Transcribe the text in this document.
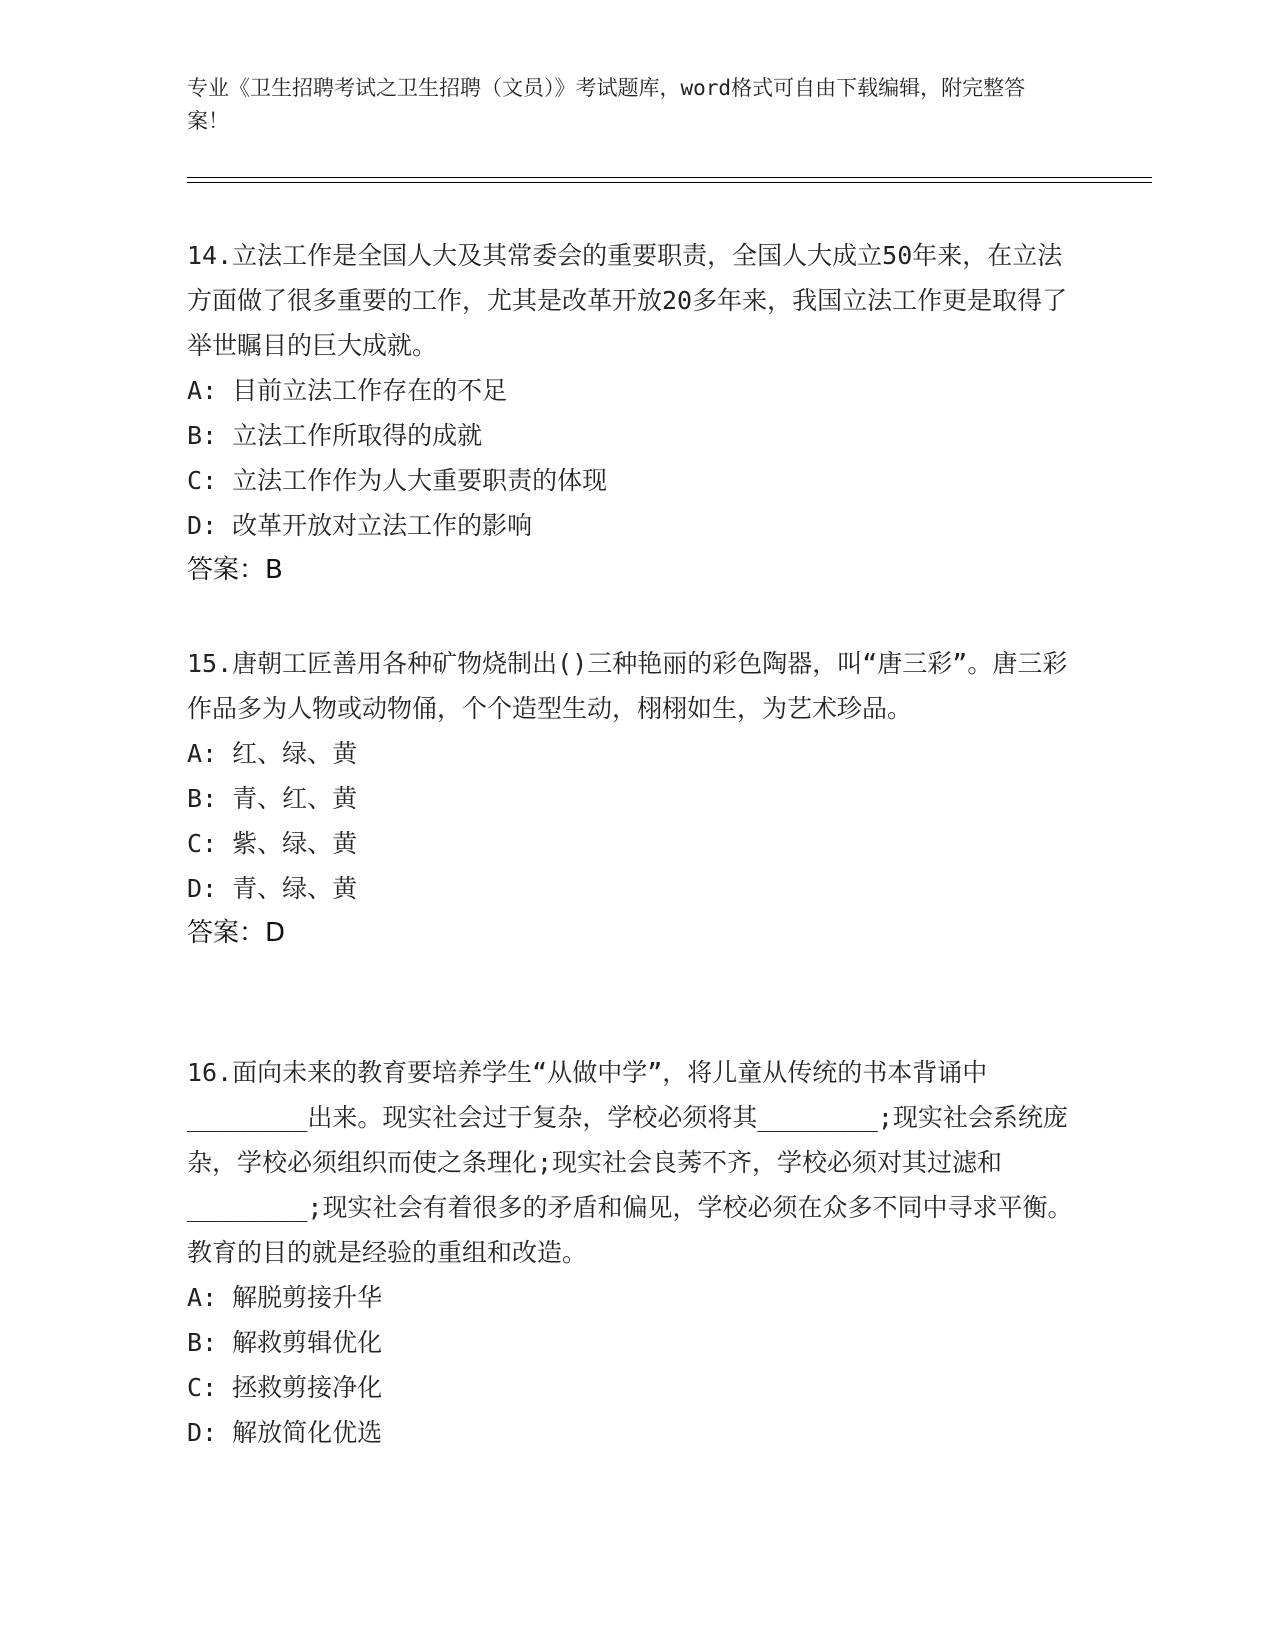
专业《卫生招聘考试之卫生招聘（文员）》考试题库，word格式可自由下载编辑，附完整答案！

14.立法工作是全国人大及其常委会的重要职责，全国人大成立50年来，在立法方面做了很多重要的工作，尤其是改革开放20多年来，我国立法工作更是取得了举世瞩目的巨大成就。

A: 目前立法工作存在的不足

B: 立法工作所取得的成就

C: 立法工作作为人大重要职责的体现

D: 改革开放对立法工作的影响

答案：B

15.唐朝工匠善用各种矿物烧制出()三种艳丽的彩色陶器，叫“唐三彩”。唐三彩作品多为人物或动物俑，个个造型生动，栩栩如生，为艺术珍品。

A: 红、绿、黄

B: 青、红、黄

C: 紫、绿、黄

D: 青、绿、黄

答案：D

16.面向未来的教育要培养学生“从做中学”，将儿童从传统的书本背诵中________出来。现实社会过于复杂，学校必须将其________;现实社会系统庞杂，学校必须组织而使之条理化;现实社会良莠不齐，学校必须对其过滤和________;现实社会有着很多的矛盾和偏见，学校必须在众多不同中寻求平衡。教育的目的就是经验的重组和改造。

A: 解脱剪接升华

B: 解救剪辑优化

C: 拯救剪接净化

D: 解放简化优选
